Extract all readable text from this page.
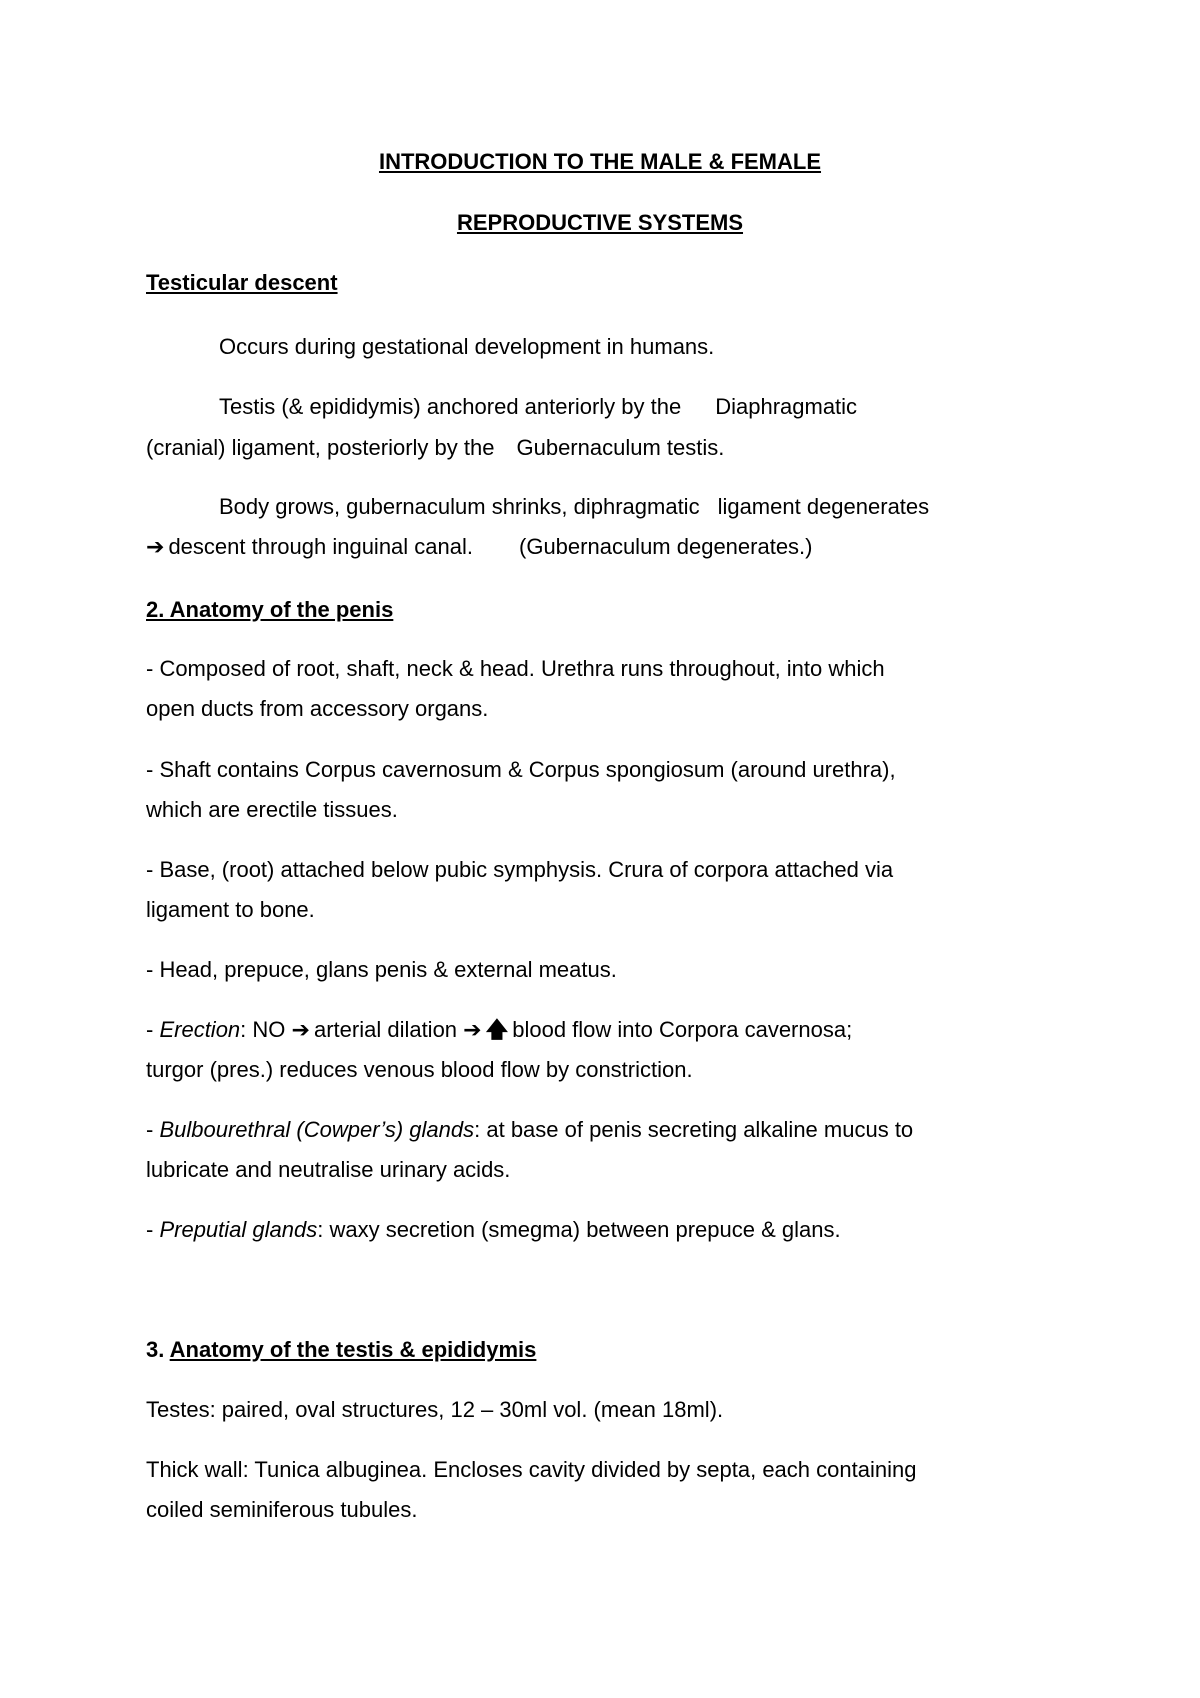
INTRODUCTION TO THE MALE & FEMALE
REPRODUCTIVE SYSTEMS
Testicular descent
Occurs during gestational development in humans.
Testis (& epididymis) anchored anteriorly by the Diaphragmatic
(cranial) ligament, posteriorly by the Gubernaculum testis.
Body grows, gubernaculum shrinks, diphragmatic ligament degenerates
➔ descent through inguinal canal. (Gubernaculum degenerates.)
2. Anatomy of the penis
- Composed of root, shaft, neck & head. Urethra runs throughout, into which
open ducts from accessory organs.
- Shaft contains Corpus cavernosum & Corpus spongiosum (around urethra),
which are erectile tissues.
- Base, (root) attached below pubic symphysis. Crura of corpora attached via
ligament to bone.
- Head, prepuce, glans penis & external meatus.
- Erection: NO ➔ arterial dilation ➔ 🡅 blood flow into Corpora cavernosa;
turgor (pres.) reduces venous blood flow by constriction.
- Bulbourethral (Cowper’s) glands: at base of penis secreting alkaline mucus to
lubricate and neutralise urinary acids.
- Preputial glands: waxy secretion (smegma) between prepuce & glans.
3. Anatomy of the testis & epididymis
Testes: paired, oval structures, 12 – 30ml vol. (mean 18ml).
Thick wall: Tunica albuginea. Encloses cavity divided by septa, each containing
coiled seminiferous tubules.
